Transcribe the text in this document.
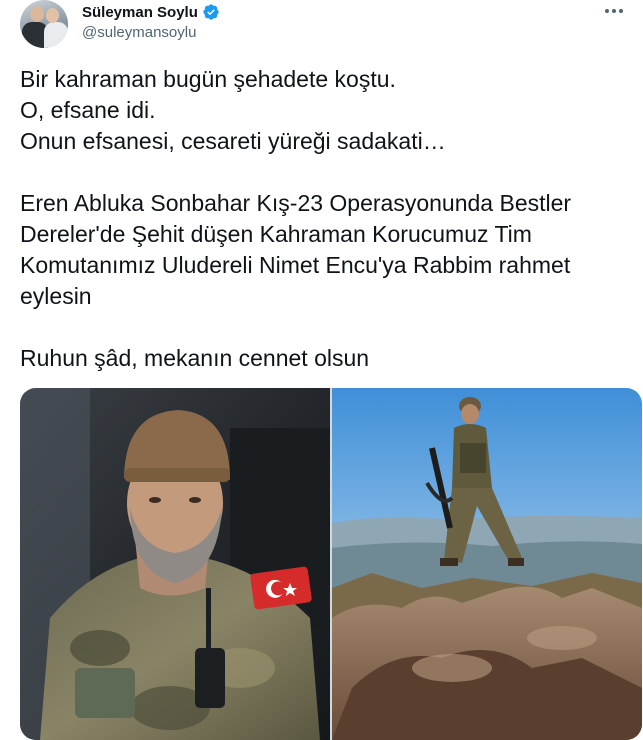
Süleyman Soylu
@suleymansoylu

Bir kahraman bugün şehadete koştu.

O, efsane idi.

Onun efsanesi, cesareti yüreği sadakati…

Eren Abluka Sonbahar Kış-23 Operasyonunda Bestler

Dereler'de Şehit düşen Kahraman Korucumuz Tim

Komutanımız Uludereli Nimet Encu'ya Rabbim rahmet

eylesin

Ruhun şâd, mekanın cennet olsun
